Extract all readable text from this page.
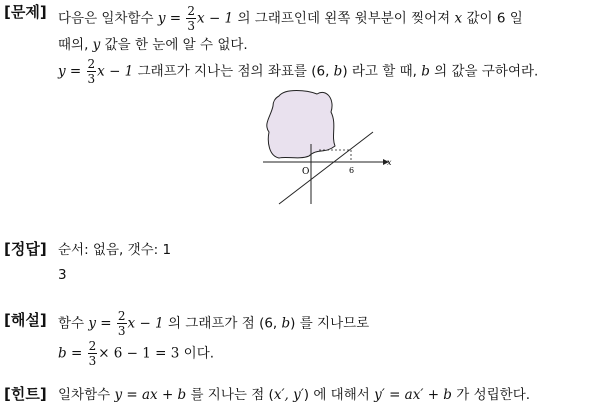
[문제] 다음은 일차함수 $y = \frac{2}{3}$ x − 1 의 그래프인데 왼쪽 윗부분이 찢어져 x 값이 6 일
때의, y 값을 한 눈에 알 수 없다.
$y = \frac{2}{3}$ x − 1 그래프가 지나는 점의 좌표를 (6, b) 라고 할 때, b 의 값을 구하여라.
x
O	6
[정답] 순서: 없음, 갯수: 1
3
[해설] 함수 $y = \frac{2}{3}$ x − 1 의 그래프가 점 (6, b) 를 지나므로
$b = \frac{2}{3} \times 6 - 1 = 3$ 이다.
[힌트] 일차함수 y = ax + b 를 지나는 점 (x′, y′) 에 대해서 y′ = ax′ + b 가 성립한다.
